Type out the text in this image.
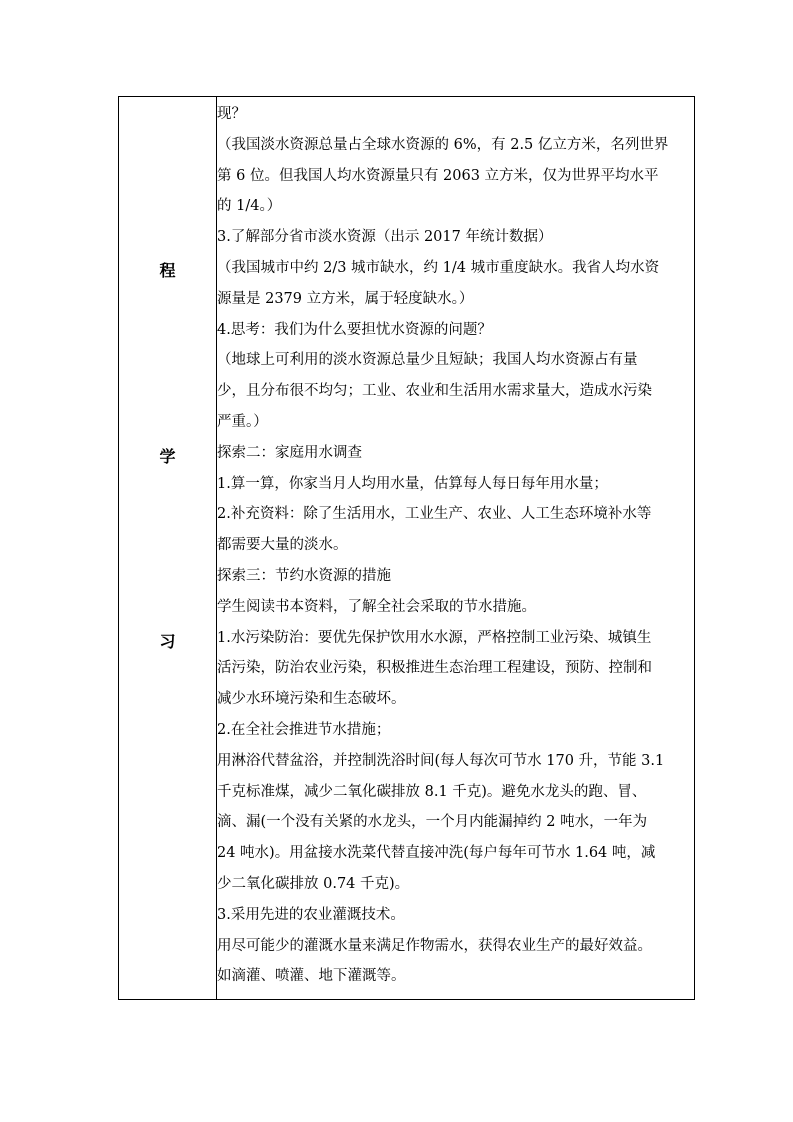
程
学
习
现？
（我国淡水资源总量占全球水资源的 6%，有 2.5 亿立方米，名列世界
第 6 位。但我国人均水资源量只有 2063 立方米，仅为世界平均水平
的 1/4。）
3.了解部分省市淡水资源（出示 2017 年统计数据）
（我国城市中约 2/3 城市缺水，约 1/4 城市重度缺水。我省人均水资
源量是 2379 立方米，属于轻度缺水。）
4.思考：我们为什么要担忧水资源的问题？
（地球上可利用的淡水资源总量少且短缺；我国人均水资源占有量
少，且分布很不均匀；工业、农业和生活用水需求量大，造成水污染
严重。）
探索二：家庭用水调查
1.算一算，你家当月人均用水量，估算每人每日每年用水量；
2.补充资料：除了生活用水，工业生产、农业、人工生态环境补水等
都需要大量的淡水。
探索三：节约水资源的措施
学生阅读书本资料，了解全社会采取的节水措施。
1.水污染防治：要优先保护饮用水水源，严格控制工业污染、城镇生
活污染，防治农业污染，积极推进生态治理工程建设，预防、控制和
减少水环境污染和生态破坏。
2.在全社会推进节水措施；
用淋浴代替盆浴，并控制洗浴时间(每人每次可节水 170 升，节能 3.1
千克标准煤，减少二氧化碳排放 8.1 千克)。避免水龙头的跑、冒、
滴、漏(一个没有关紧的水龙头，一个月内能漏掉约 2 吨水，一年为
24 吨水)。用盆接水洗菜代替直接冲洗(每户每年可节水 1.64 吨，减
少二氧化碳排放 0.74 千克)。
3.采用先进的农业灌溉技术。
用尽可能少的灌溉水量来满足作物需水，获得农业生产的最好效益。
如滴灌、喷灌、地下灌溉等。
